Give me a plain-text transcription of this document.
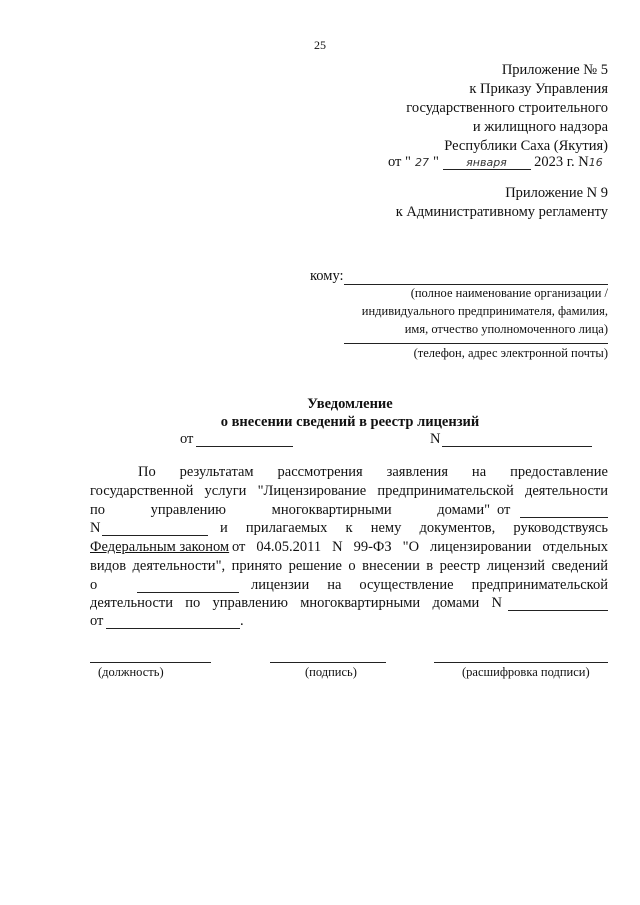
25
Приложение № 5
к Приказу Управления
государственного строительного
и жилищного надзора
Республики Саха (Якутия)
от " 27 " января 2023 г. N16
Приложение N 9
к Административному регламенту
кому:
(полное наименование организации /
индивидуального предпринимателя, фамилия,
имя, отчество уполномоченного лица)
(телефон, адрес электронной почты)
Уведомление
о внесении сведений в реестр лицензий
от	N
По результатам рассмотрения заявления на предоставление
государственной услуги "Лицензирование предпринимательской деятельности
по управлению многоквартирными домами" от
N	и прилагаемых к нему документов, руководствуясь
Федеральным законом от 04.05.2011 N 99-ФЗ "О лицензировании отдельных
видов деятельности", принято решение о внесении в реестр лицензий сведений
о	лицензии на осуществление предпринимательской
деятельности по управлению многоквартирными домами N
от	.
(должность)	(подпись)	(расшифровка подписи)
